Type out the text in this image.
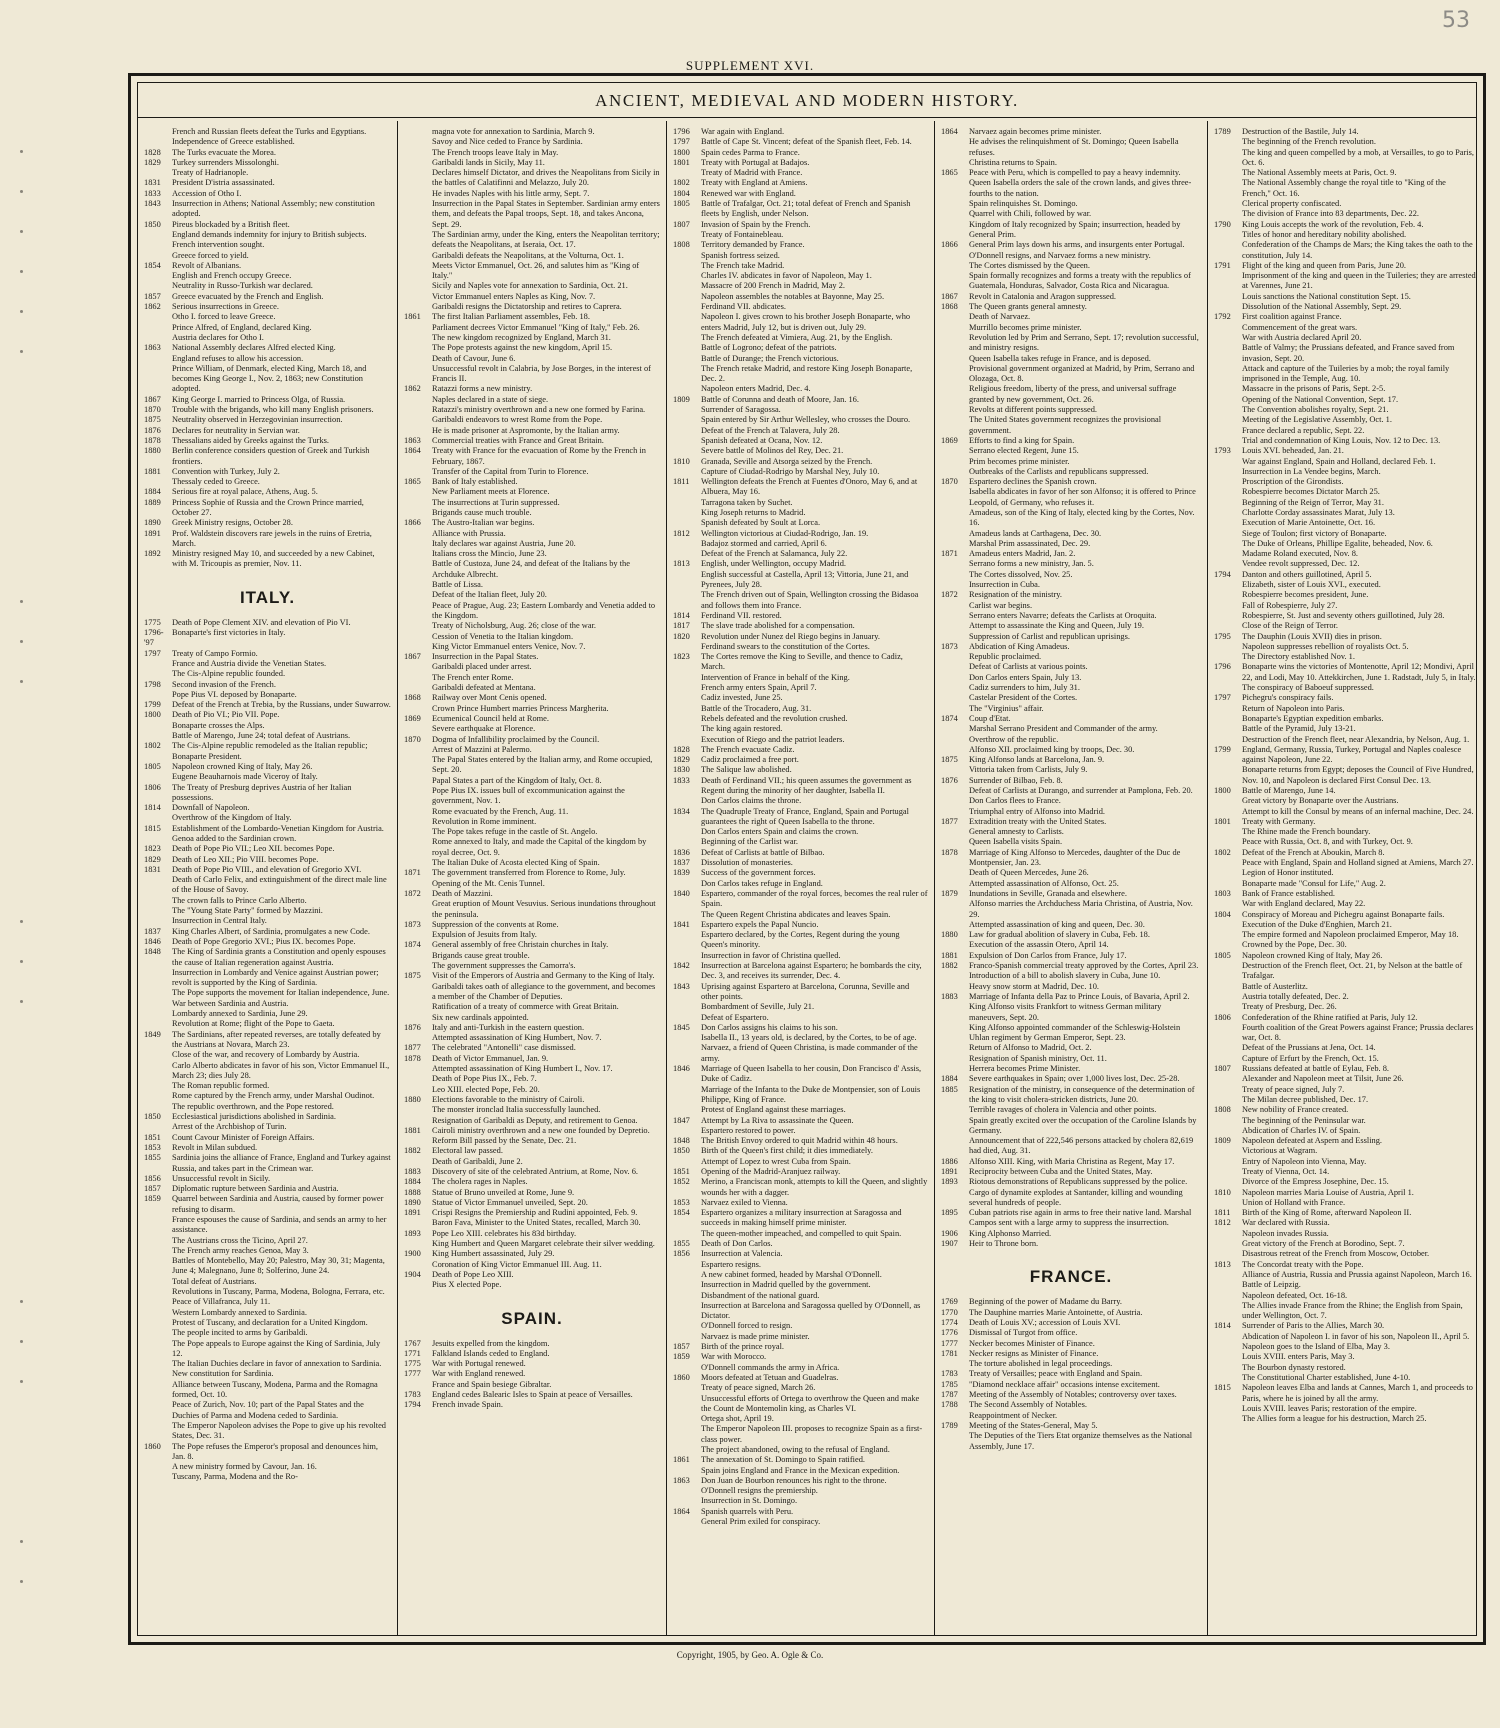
53
SUPPLEMENT XVI.
ANCIENT, MEDIEVAL AND MODERN HISTORY.
French and Russian fleets defeat the Turks and Egyptians.
Independence of Greece established.
1828	The Turks evacuate the Morea.
1829	Turkey surrenders Missolonghi.
Treaty of Hadrianople.
1831	President D'istria assassinated.
1833	Accession of Otho I.
1843	Insurrection in Athens; National Assembly; new constitution adopted.
1850	Pireus blockaded by a British fleet.
England demands indemnity for injury to British subjects.
French intervention sought.
Greece forced to yield.
1854	Revolt of Albanians.
English and French occupy Greece.
Neutrality in Russo-Turkish war declared.
1857	Greece evacuated by the French and English.
1862	Serious insurrections in Greece.
Otho I. forced to leave Greece.
Prince Alfred, of England, declared King.
Austria declares for Otho I.
1863	National Assembly declares Alfred elected King.
England refuses to allow his accession.
Prince William, of Denmark, elected King, March 18, and becomes King George I., Nov. 2, 1863; new Constitution adopted.
1867	King George I. married to Princess Olga, of Russia.
1870	Trouble with the brigands, who kill many English prisoners.
1875	Neutrality observed in Herzegovinian insurrection.
1876	Declares for neutrality in Servian war.
1878	Thessalians aided by Greeks against the Turks.
1880	Berlin conference considers question of Greek and Turkish frontiers.
1881	Convention with Turkey, July 2.
Thessaly ceded to Greece.
1884	Serious fire at royal palace, Athens, Aug. 5.
1889	Princess Sophie of Russia and the Crown Prince married, October 27.
1890	Greek Ministry resigns, October 28.
1891	Prof. Waldstein discovers rare jewels in the ruins of Eretria, March.
1892	Ministry resigned May 10, and succeeded by a new Cabinet, with M. Tricoupis as premier, Nov. 11.
ITALY.
1775	Death of Pope Clement XIV. and elevation of Pio VI.
1796-'97
Bonaparte's first victories in Italy.
1797	Treaty of Campo Formio.
France and Austria divide the Venetian States.
The Cis-Alpine republic founded.
1798	Second invasion of the French.
Pope Pius VI. deposed by Bonaparte.
1799	Defeat of the French at Trebia, by the Russians, under Suwarrow.
1800	Death of Pio VI.; Pio VII. Pope.
Bonaparte crosses the Alps.
Battle of Marengo, June 24; total defeat of Austrians.
1802	The Cis-Alpine republic remodeled as the Italian republic; Bonaparte President.
1805	Napoleon crowned King of Italy, May 26.
Eugene Beauharnois made Viceroy of Italy.
1806	The Treaty of Presburg deprives Austria of her Italian possessions.
1814	Downfall of Napoleon.
Overthrow of the Kingdom of Italy.
1815	Establishment of the Lombardo-Venetian Kingdom for Austria.
Genoa added to the Sardinian crown.
1823	Death of Pope Pio VII.; Leo XII. becomes Pope.
1829	Death of Leo XII.; Pio VIII. becomes Pope.
1831	Death of Pope Pio VIII., and elevation of Gregorio XVI.
Death of Carlo Felix, and extinguishment of the direct male line of the House of Savoy.
The crown falls to Prince Carlo Alberto.
The "Young State Party" formed by Mazzini.
Insurrection in Central Italy.
1837	King Charles Albert, of Sardinia, promulgates a new Code.
1846	Death of Pope Gregorio XVI.; Pius IX. becomes Pope.
1848	The King of Sardinia grants a Constitution and openly espouses the cause of Italian regeneration against Austria.
Insurrection in Lombardy and Venice against Austrian power; revolt is supported by the King of Sardinia.
The Pope supports the movement for Italian independence, June.
War between Sardinia and Austria.
Lombardy annexed to Sardinia, June 29.
Revolution at Rome; flight of the Pope to Gaeta.
1849	The Sardinians, after repeated reverses, are totally defeated by the Austrians at Novara, March 23.
Close of the war, and recovery of Lombardy by Austria.
Carlo Alberto abdicates in favor of his son, Victor Emmanuel II., March 23; dies July 28.
The Roman republic formed.
Rome captured by the French army, under Marshal Oudinot.
The republic overthrown, and the Pope restored.
1850	Ecclesiastical jurisdictions abolished in Sardinia.
Arrest of the Archbishop of Turin.
1851	Count Cavour Minister of Foreign Affairs.
1853	Revolt in Milan subdued.
1855	Sardinia joins the alliance of France, England and Turkey against Russia, and takes part in the Crimean war.
1856	Unsuccessful revolt in Sicily.
1857	Diplomatic rupture between Sardinia and Austria.
1859	Quarrel between Sardinia and Austria, caused by former power refusing to disarm.
France espouses the cause of Sardinia, and sends an army to her assistance.
The Austrians cross the Ticino, April 27.
The French army reaches Genoa, May 3.
Battles of Montebello, May 20; Palestro, May 30, 31; Magenta, June 4; Malegnano, June 8; Solferino, June 24.
Total defeat of Austrians.
Revolutions in Tuscany, Parma, Modena, Bologna, Ferrara, etc.
Peace of Villafranca, July 11.
Western Lombardy annexed to Sardinia.
Protest of Tuscany, and declaration for a United Kingdom.
The people incited to arms by Garibaldi.
The Pope appeals to Europe against the King of Sardinia, July 12.
The Italian Duchies declare in favor of annexation to Sardinia.
New constitution for Sardinia.
Alliance between Tuscany, Modena, Parma and the Romagna formed, Oct. 10.
Peace of Zurich, Nov. 10; part of the Papal States and the Duchies of Parma and Modena ceded to Sardinia.
The Emperor Napoleon advises the Pope to give up his revolted States, Dec. 31.
1860	The Pope refuses the Emperor's proposal and denounces him, Jan. 8.
A new ministry formed by Cavour, Jan. 16.
Tuscany, Parma, Modena and the Ro-
magna vote for annexation to Sardinia, March 9.
Savoy and Nice ceded to France by Sardinia.
The French troops leave Italy in May.
Garibaldi lands in Sicily, May 11.
Declares himself Dictator, and drives the Neapolitans from Sicily in the battles of Calatifinni and Melazzo, July 20.
He invades Naples with his little army, Sept. 7.
Insurrection in the Papal States in September. Sardinian army enters them, and defeats the Papal troops, Sept. 18, and takes Ancona, Sept. 29.
The Sardinian army, under the King, enters the Neapolitan territory; defeats the Neapolitans, at Iseraia, Oct. 17.
Garibaldi defeats the Neapolitans, at the Volturna, Oct. 1.
Meets Victor Emmanuel, Oct. 26, and salutes him as "King of Italy."
Sicily and Naples vote for annexation to Sardinia, Oct. 21.
Victor Emmanuel enters Naples as King, Nov. 7.
Garibaldi resigns the Dictatorship and retires to Caprera.
1861	The first Italian Parliament assembles, Feb. 18.
Parliament decrees Victor Emmanuel "King of Italy," Feb. 26.
The new kingdom recognized by England, March 31.
The Pope protests against the new kingdom, April 15.
Death of Cavour, June 6.
Unsuccessful revolt in Calabria, by Jose Borges, in the interest of Francis II.
1862	Ratazzi forms a new ministry.
Naples declared in a state of siege.
Ratazzi's ministry overthrown and a new one formed by Farina.
Garibaldi endeavors to wrest Rome from the Pope.
He is made prisoner at Aspromonte, by the Italian army.
1863	Commercial treaties with France and Great Britain.
1864	Treaty with France for the evacuation of Rome by the French in February, 1867.
Transfer of the Capital from Turin to Florence.
1865	Bank of Italy established.
New Parliament meets at Florence.
The insurrections at Turin suppressed.
Brigands cause much trouble.
1866	The Austro-Italian war begins.
Alliance with Prussia.
Italy declares war against Austria, June 20.
Italians cross the Mincio, June 23.
Battle of Custoza, June 24, and defeat of the Italians by the Archduke Albrecht.
Battle of Lissa.
Defeat of the Italian fleet, July 20.
Peace of Prague, Aug. 23; Eastern Lombardy and Venetia added to the Kingdom.
Treaty of Nicholsburg, Aug. 26; close of the war.
Cession of Venetia to the Italian kingdom.
King Victor Emmanuel enters Venice, Nov. 7.
1867	Insurrection in the Papal States.
Garibaldi placed under arrest.
The French enter Rome.
Garibaldi defeated at Mentana.
1868	Railway over Mont Cenis opened.
Crown Prince Humbert marries Princess Margherita.
1869	Ecumenical Council held at Rome.
Severe earthquake at Florence.
1870	Dogma of Infallibility proclaimed by the Council.
Arrest of Mazzini at Palermo.
The Papal States entered by the Italian army, and Rome occupied, Sept. 20.
Papal States a part of the Kingdom of Italy, Oct. 8.
Pope Pius IX. issues bull of excommunication against the government, Nov. 1.
Rome evacuated by the French, Aug. 11.
Revolution in Rome imminent.
The Pope takes refuge in the castle of St. Angelo.
Rome annexed to Italy, and made the Capital of the kingdom by royal decree, Oct. 9.
The Italian Duke of Acosta elected King of Spain.
1871	The government transferred from Florence to Rome, July.
Opening of the Mt. Cenis Tunnel.
1872	Death of Mazzini.
Great eruption of Mount Vesuvius. Serious inundations throughout the peninsula.
1873	Suppression of the convents at Rome.
Expulsion of Jesuits from Italy.
1874	General assembly of free Christain churches in Italy.
Brigands cause great trouble.
The government suppresses the Camorra's.
1875	Visit of the Emperors of Austria and Germany to the King of Italy.
Garibaldi takes oath of allegiance to the government, and becomes a member of the Chamber of Deputies.
Ratification of a treaty of commerce with Great Britain.
Six new cardinals appointed.
1876	Italy and anti-Turkish in the eastern question.
Attempted assassination of King Humbert, Nov. 7.
1877	The celebrated "Antonelli" case dismissed.
1878	Death of Victor Emmanuel, Jan. 9.
Attempted assassination of King Humbert I., Nov. 17.
Death of Pope Pius IX., Feb. 7.
Leo XIII. elected Pope, Feb. 20.
1880	Elections favorable to the ministry of Cairoli.
The monster ironclad Italia successfully launched.
Resignation of Garibaldi as Deputy, and retirement to Genoa.
1881	Cairoli ministry overthrown and a new one founded by Depretio.
Reform Bill passed by the Senate, Dec. 21.
1882	Electoral law passed.
Death of Garibaldi, June 2.
1883	Discovery of site of the celebrated Antrium, at Rome, Nov. 6.
1884	The cholera rages in Naples.
1888	Statue of Bruno unveiled at Rome, June 9.
1890	Statue of Victor Emmanuel unveiled, Sept. 20.
1891	Crispi Resigns the Premiership and Rudini appointed, Feb. 9.
Baron Fava, Minister to the United States, recalled, March 30.
1893	Pope Leo XIII. celebrates his 83d birthday.
King Humbert and Queen Margaret celebrate their silver wedding.
1900	King Humbert assassinated, July 29.
Coronation of King Victor Emmanuel III. Aug. 11.
1904	Death of Pope Leo XIII.
Pius X elected Pope.
SPAIN.
1767	Jesuits expelled from the kingdom.
1771	Falkland Islands ceded to England.
1775	War with Portugal renewed.
1777	War with England renewed.
France and Spain besiege Gibraltar.
1783	England cedes Balearic Isles to Spain at peace of Versailles.
1794	French invade Spain.
1796	War again with England.
1797	Battle of Cape St. Vincent; defeat of the Spanish fleet, Feb. 14.
1800	Spain cedes Parma to France.
1801	Treaty with Portugal at Badajos.
Treaty of Madrid with France.
1802	Treaty with England at Amiens.
1804	Renewed war with England.
1805	Battle of Trafalgar, Oct. 21; total defeat of French and Spanish fleets by English, under Nelson.
1807	Invasion of Spain by the French.
Treaty of Fontainebleau.
1808	Territory demanded by France.
Spanish fortress seized.
The French take Madrid.
Charles IV. abdicates in favor of Napoleon, May 1.
Massacre of 200 French in Madrid, May 2.
Napoleon assembles the notables at Bayonne, May 25.
Ferdinand VII. abdicates.
Napoleon I. gives crown to his brother Joseph Bonaparte, who enters Madrid, July 12, but is driven out, July 29.
The French defeated at Vimiera, Aug. 21, by the English.
Battle of Logrono; defeat of the patriots.
Battle of Durange; the French victorious.
The French retake Madrid, and restore King Joseph Bonaparte, Dec. 2.
Napoleon enters Madrid, Dec. 4.
1809	Battle of Corunna and death of Moore, Jan. 16.
Surrender of Saragossa.
Spain entered by Sir Arthur Wellesley, who crosses the Douro.
Defeat of the French at Talavera, July 28.
Spanish defeated at Ocana, Nov. 12.
Severe battle of Molinos del Rey, Dec. 21.
1810	Granada, Seville and Atsorga seized by the French.
Capture of Ciudad-Rodrigo by Marshal Ney, July 10.
1811	Wellington defeats the French at Fuentes d'Onoro, May 6, and at Albuera, May 16.
Tarragona taken by Suchet.
King Joseph returns to Madrid.
Spanish defeated by Soult at Lorca.
1812	Wellington victorious at Ciudad-Rodrigo, Jan. 19.
Badajoz stormed and carried, April 6.
Defeat of the French at Salamanca, July 22.
1813	English, under Wellington, occupy Madrid.
English successful at Castella, April 13; Vittoria, June 21, and Pyrenees, July 28.
The French driven out of Spain, Wellington crossing the Bidasoa and follows them into France.
1814	Ferdinand VII. restored.
1817	The slave trade abolished for a compensation.
1820	Revolution under Nunez del Riego begins in January.
Ferdinand swears to the constitution of the Cortes.
1823	The Cortes remove the King to Seville, and thence to Cadiz, March.
Intervention of France in behalf of the King.
French army enters Spain, April 7.
Cadiz invested, June 25.
Battle of the Trocadero, Aug. 31.
Rebels defeated and the revolution crushed.
The king again restored.
Execution of Riego and the patriot leaders.
1828	The French evacuate Cadiz.
1829	Cadiz proclaimed a free port.
1830	The Salique law abolished.
1833	Death of Ferdinand VII.; his queen assumes the government as Regent during the minority of her daughter, Isabella II.
Don Carlos claims the throne.
1834	The Quadruple Treaty of France, England, Spain and Portugal guarantees the right of Queen Isabella to the throne.
Don Carlos enters Spain and claims the crown.
Beginning of the Carlist war.
1836	Defeat of Carlists at battle of Bilbao.
1837	Dissolution of monasteries.
1839	Success of the government forces.
Don Carlos takes refuge in England.
1840	Espartero, commander of the royal forces, becomes the real ruler of Spain.
The Queen Regent Christina abdicates and leaves Spain.
1841	Espartero expels the Papal Nuncio.
Espartero declared, by the Cortes, Regent during the young Queen's minority.
Insurrection in favor of Christina quelled.
1842	Insurrection at Barcelona against Espartero; he bombards the city, Dec. 3, and receives its surrender, Dec. 4.
1843	Uprising against Espartero at Barcelona, Corunna, Seville and other points.
Bombardment of Seville, July 21.
Defeat of Espartero.
1845	Don Carlos assigns his claims to his son.
Isabella II., 13 years old, is declared, by the Cortes, to be of age.
Narvaez, a friend of Queen Christina, is made commander of the army.
1846	Marriage of Queen Isabella to her cousin, Don Francisco d' Assis, Duke of Cadiz.
Marriage of the Infanta to the Duke de Montpensier, son of Louis Philippe, King of France.
Protest of England against these marriages.
1847	Attempt by La Riva to assassinate the Queen.
Espartero restored to power.
1848	The British Envoy ordered to quit Madrid within 48 hours.
1850	Birth of the Queen's first child; it dies immediately.
Attempt of Lopez to wrest Cuba from Spain.
1851	Opening of the Madrid-Aranjuez railway.
1852	Merino, a Franciscan monk, attempts to kill the Queen, and slightly wounds her with a dagger.
1853	Narvaez exiled to Vienna.
1854	Espartero organizes a military insurrection at Saragossa and succeeds in making himself prime minister.
The queen-mother impeached, and compelled to quit Spain.
1855	Death of Don Carlos.
1856	Insurrection at Valencia.
Espartero resigns.
A new cabinet formed, headed by Marshal O'Donnell.
Insurrection in Madrid quelled by the government.
Disbandment of the national guard.
Insurrection at Barcelona and Saragossa quelled by O'Donnell, as Dictator.
O'Donnell forced to resign.
Narvaez is made prime minister.
1857	Birth of the prince royal.
1859	War with Morocco.
O'Donnell commands the army in Africa.
1860	Moors defeated at Tetuan and Guadelras.
Treaty of peace signed, March 26.
Unsuccessful efforts of Ortega to overthrow the Queen and make the Count de Montemolin king, as Charles VI.
Ortega shot, April 19.
The Emperor Napoleon III. proposes to recognize Spain as a first-class power.
The project abandoned, owing to the refusal of England.
1861	The annexation of St. Domingo to Spain ratified.
Spain joins England and France in the Mexican expedition.
1863	Don Juan de Bourbon renounces his right to the throne.
O'Donnell resigns the premiership.
Insurrection in St. Domingo.
1864	Spanish quarrels with Peru.
General Prim exiled for conspiracy.
1864	Narvaez again becomes prime minister.
He advises the relinquishment of St. Domingo; Queen Isabella refuses.
Christina returns to Spain.
1865	Peace with Peru, which is compelled to pay a heavy indemnity.
Queen Isabella orders the sale of the crown lands, and gives three-fourths to the nation.
Spain relinquishes St. Domingo.
Quarrel with Chili, followed by war.
Kingdom of Italy recognized by Spain; insurrection, headed by General Prim.
1866	General Prim lays down his arms, and insurgents enter Portugal.
O'Donnell resigns, and Narvaez forms a new ministry.
The Cortes dismissed by the Queen.
Spain formally recognizes and forms a treaty with the republics of Guatemala, Honduras, Salvador, Costa Rica and Nicaragua.
1867	Revolt in Catalonia and Aragon suppressed.
1868	The Queen grants general amnesty.
Death of Narvaez.
Murrillo becomes prime minister.
Revolution led by Prim and Serrano, Sept. 17; revolution successful, and ministry resigns.
Queen Isabella takes refuge in France, and is deposed.
Provisional government organized at Madrid, by Prim, Serrano and Olozaga, Oct. 8.
Religious freedom, liberty of the press, and universal suffrage granted by new government, Oct. 26.
Revolts at different points suppressed.
The United States government recognizes the provisional government.
1869	Efforts to find a king for Spain.
Serrano elected Regent, June 15.
Prim becomes prime minister.
Outbreaks of the Carlists and republicans suppressed.
1870	Espartero declines the Spanish crown.
Isabella abdicates in favor of her son Alfonso; it is offered to Prince Leopold, of Germany, who refuses it.
Amadeus, son of the King of Italy, elected king by the Cortes, Nov. 16.
Amadeus lands at Carthagena, Dec. 30.
Marshal Prim assassinated, Dec. 29.
1871	Amadeus enters Madrid, Jan. 2.
Serrano forms a new ministry, Jan. 5.
The Cortes dissolved, Nov. 25.
Insurrection in Cuba.
1872	Resignation of the ministry.
Carlist war begins.
Serrano enters Navarre; defeats the Carlists at Oroquita.
Attempt to assassinate the King and Queen, July 19.
Suppression of Carlist and republican uprisings.
1873	Abdication of King Amadeus.
Republic proclaimed.
Defeat of Carlists at various points.
Don Carlos enters Spain, July 13.
Cadiz surrenders to him, July 31.
Castelar President of the Cortes.
The "Virginius" affair.
1874	Coup d'Etat.
Marshal Serrano President and Commander of the army.
Overthrow of the republic.
Alfonso XII. proclaimed king by troops, Dec. 30.
1875	King Alfonso lands at Barcelona, Jan. 9.
Vittoria taken from Carlists, July 9.
1876	Surrender of Bilbao, Feb. 8.
Defeat of Carlists at Durango, and surrender at Pamplona, Feb. 20.
Don Carlos flees to France.
Triumphal entry of Alfonso into Madrid.
1877	Extradition treaty with the United States.
General amnesty to Carlists.
Queen Isabella visits Spain.
1878	Marriage of King Alfonso to Mercedes, daughter of the Duc de Montpensier, Jan. 23.
Death of Queen Mercedes, June 26.
Attempted assassination of Alfonso, Oct. 25.
1879	Inundations in Seville, Granada and elsewhere.
Alfonso marries the Archduchess Maria Christina, of Austria, Nov. 29.
Attempted assassination of king and queen, Dec. 30.
1880	Law for gradual abolition of slavery in Cuba, Feb. 18.
Execution of the assassin Otero, April 14.
1881	Expulsion of Don Carlos from France, July 17.
1882	Franco-Spanish commercial treaty approved by the Cortes, April 23.
Introduction of a bill to abolish slavery in Cuba, June 10.
Heavy snow storm at Madrid, Dec. 10.
1883	Marriage of Infanta della Paz to Prince Louis, of Bavaria, April 2.
King Alfonso visits Frankfort to witness German military maneuvers, Sept. 20.
King Alfonso appointed commander of the Schleswig-Holstein Uhlan regiment by German Emperor, Sept. 23.
Return of Alfonso to Madrid, Oct. 2.
Resignation of Spanish ministry, Oct. 11.
Herrera becomes Prime Minister.
1884	Severe earthquakes in Spain; over 1,000 lives lost, Dec. 25-28.
1885	Resignation of the ministry, in consequence of the determination of the king to visit cholera-stricken districts, June 20.
Terrible ravages of cholera in Valencia and other points.
Spain greatly excited over the occupation of the Caroline Islands by Germany.
Announcement that of 222,546 persons attacked by cholera 82,619 had died, Aug. 31.
1886	Alfonso XIII. King, with Maria Christina as Regent, May 17.
1891	Reciprocity between Cuba and the United States, May.
1893	Riotous demonstrations of Republicans suppressed by the police.
Cargo of dynamite explodes at Santander, killing and wounding several hundreds of people.
1895	Cuban patriots rise again in arms to free their native land. Marshal Campos sent with a large army to suppress the insurrection.
1906	King Alphonso Married.
1907	Heir to Throne born.
FRANCE.
1769	Beginning of the power of Madame du Barry.
1770	The Dauphine marries Marie Antoinette, of Austria.
1774	Death of Louis XV.; accession of Louis XVI.
1776	Dismissal of Turgot from office.
1777	Necker becomes Minister of Finance.
1781	Necker resigns as Minister of Finance.
The torture abolished in legal proceedings.
1783	Treaty of Versailles; peace with England and Spain.
1785	"Diamond necklace affair" occasions intense excitement.
1787	Meeting of the Assembly of Notables; controversy over taxes.
1788	The Second Assembly of Notables.
Reappointment of Necker.
1789	Meeting of the States-General, May 5.
The Deputies of the Tiers Etat organize themselves as the National Assembly, June 17.
1789	Destruction of the Bastile, July 14.
The beginning of the French revolution.
The king and queen compelled by a mob, at Versailles, to go to Paris, Oct. 6.
The National Assembly meets at Paris, Oct. 9.
The National Assembly change the royal title to "King of the French," Oct. 16.
Clerical property confiscated.
The division of France into 83 departments, Dec. 22.
1790	King Louis accepts the work of the revolution, Feb. 4.
Titles of honor and hereditary nobility abolished.
Confederation of the Champs de Mars; the King takes the oath to the constitution, July 14.
1791	Flight of the king and queen from Paris, June 20.
Imprisonment of the king and queen in the Tuileries; they are arrested at Varennes, June 21.
Louis sanctions the National constitution Sept. 15.
Dissolution of the National Assembly, Sept. 29.
1792	First coalition against France.
Commencement of the great wars.
War with Austria declared April 20.
Battle of Valmy; the Prussians defeated, and France saved from invasion, Sept. 20.
Attack and capture of the Tuileries by a mob; the royal family imprisoned in the Temple, Aug. 10.
Massacre in the prisons of Paris, Sept. 2-5.
Opening of the National Convention, Sept. 17.
The Convention abolishes royalty, Sept. 21.
Meeting of the Legislative Assembly, Oct. 1.
France declared a republic, Sept. 22.
Trial and condemnation of King Louis, Nov. 12 to Dec. 13.
1793	Louis XVI. beheaded, Jan. 21.
War against England, Spain and Holland, declared Feb. 1.
Insurrection in La Vendee begins, March.
Proscription of the Girondists.
Robespierre becomes Dictator March 25.
Beginning of the Reign of Terror, May 31.
Charlotte Corday assassinates Marat, July 13.
Execution of Marie Antoinette, Oct. 16.
Siege of Toulon; first victory of Bonaparte.
The Duke of Orleans, Phillipe Egalite, beheaded, Nov. 6.
Madame Roland executed, Nov. 8.
Vendee revolt suppressed, Dec. 12.
1794	Danton and others guillotined, April 5.
Elizabeth, sister of Louis XVI., executed.
Robespierre becomes president, June.
Fall of Robespierre, July 27.
Robespierre, St. Just and seventy others guillotined, July 28.
Close of the Reign of Terror.
1795	The Dauphin (Louis XVII) dies in prison.
Napoleon suppresses rebellion of royalists Oct. 5.
The Directory established Nov. 1.
1796	Bonaparte wins the victories of Montenotte, April 12; Mondivi, April 22, and Lodi, May 10. Attekkirchen, June 1. Radstadt, July 5, in Italy.
The conspiracy of Baboeuf suppressed.
1797	Pichegru's conspiracy fails.
Return of Napoleon into Paris.
Bonaparte's Egyptian expedition embarks.
Battle of the Pyramid, July 13-21.
Destruction of the French fleet, near Alexandria, by Nelson, Aug. 1.
1799	England, Germany, Russia, Turkey, Portugal and Naples coalesce against Napoleon, June 22.
Bonaparte returns from Egypt; deposes the Council of Five Hundred, Nov. 10, and Napoleon is declared First Consul Dec. 13.
1800	Battle of Marengo, June 14.
Great victory by Bonaparte over the Austrians.
Attempt to kill the Consul by means of an infernal machine, Dec. 24.
1801	Treaty with Germany.
The Rhine made the French boundary.
Peace with Russia, Oct. 8, and with Turkey, Oct. 9.
1802	Defeat of the French at Aboukin, March 8.
Peace with England, Spain and Holland signed at Amiens, March 27.
Legion of Honor instituted.
Bonaparte made "Consul for Life," Aug. 2.
1803	Bank of France established.
War with England declared, May 22.
1804	Conspiracy of Moreau and Pichegru against Bonaparte fails.
Execution of the Duke d'Enghien, March 21.
The empire formed and Napoleon proclaimed Emperor, May 18.
Crowned by the Pope, Dec. 30.
1805	Napoleon crowned King of Italy, May 26.
Destruction of the French fleet, Oct. 21, by Nelson at the battle of Trafalgar.
Battle of Austerlitz.
Austria totally defeated, Dec. 2.
Treaty of Presburg, Dec. 26.
1806	Confederation of the Rhine ratified at Paris, July 12.
Fourth coalition of the Great Powers against France; Prussia declares war, Oct. 8.
Defeat of the Prussians at Jena, Oct. 14.
Capture of Erfurt by the French, Oct. 15.
1807	Russians defeated at battle of Eylau, Feb. 8.
Alexander and Napoleon meet at Tilsit, June 26.
Treaty of peace signed, July 7.
The Milan decree published, Dec. 17.
1808	New nobility of France created.
The beginning of the Peninsular war.
Abdication of Charles IV. of Spain.
1809	Napoleon defeated at Aspern and Essling.
Victorious at Wagram.
Entry of Napoleon into Vienna, May.
Treaty of Vienna, Oct. 14.
Divorce of the Empress Josephine, Dec. 15.
1810	Napoleon marries Maria Louise of Austria, April 1.
Union of Holland with France.
1811	Birth of the King of Rome, afterward Napoleon II.
1812	War declared with Russia.
Napoleon invades Russia.
Great victory of the French at Borodino, Sept. 7.
Disastrous retreat of the French from Moscow, October.
1813	The Concordat treaty with the Pope.
Alliance of Austria, Russia and Prussia against Napoleon, March 16.
Battle of Leipzig.
Napoleon defeated, Oct. 16-18.
The Allies invade France from the Rhine; the English from Spain, under Wellington, Oct. 7.
1814	Surrender of Paris to the Allies, March 30.
Abdication of Napoleon I. in favor of his son, Napoleon II., April 5.
Napoleon goes to the Island of Elba, May 3.
Louis XVIII. enters Paris, May 3.
The Bourbon dynasty restored.
The Constitutional Charter established, June 4-10.
1815	Napoleon leaves Elba and lands at Cannes, March 1, and proceeds to Paris, where he is joined by all the army.
Louis XVIII. leaves Paris; restoration of the empire.
The Allies form a league for his destruction, March 25.
Copyright, 1905, by Geo. A. Ogle & Co.
